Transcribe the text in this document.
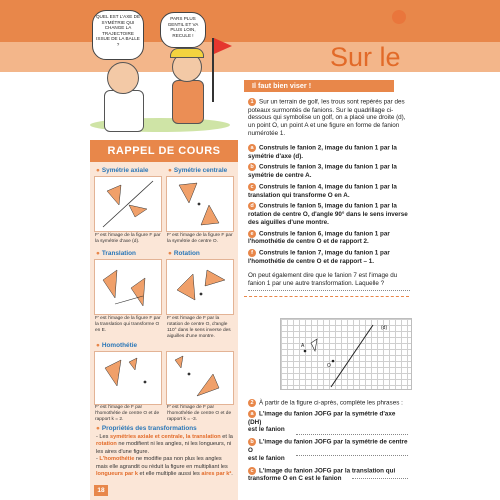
QUEL EST L'AXE DE SYMÉTRIE QUI CHANGE LA TRAJECTOIRE ISSUE DE LA BALLE ?
PARS PLUS GENTIL ET VA PLUS LOIN, RECULE !
RAPPEL DE COURS
● Symétrie axiale
F' est l'image de la figure F par la symétrie d'axe (d).
● Symétrie centrale
F' est l'image de la figure F par la symétrie de centre O.
● Translation
F' est l'image de la figure F par la translation qui transforme O en E.
● Rotation
F' est l'image de F par la rotation de centre O, d'angle 110° dans le sens inverse des aiguilles d'une montre.
● Homothétie
F' est l'image de F par l'homothétie de centre O et de rapport k = 2.
F' est l'image de F par l'homothétie de centre O et de rapport k = -3.
● Propriétés des transformations
- Les symétries axiale et centrale, la translation et la rotation ne modifient ni les angles, ni les longueurs, ni les aires d'une figure.
- L'homothétie ne modifie pas non plus les angles mais elle agrandit ou réduit la figure en multipliant les longueurs par k et elle multiplie aussi les aires par k².
18
Sur le
Il faut bien viser !
1 Sur un terrain de golf, les trous sont repérés par des poteaux surmontés de fanions. Sur le quadrillage ci-dessous qui symbolise un golf, on a placé une droite (d), un point O, un point A et une figure en forme de fanion numérotée 1.
a Construis le fanion 2, image du fanion 1 par la symétrie d'axe (d).
b Construis le fanion 3, image du fanion 1 par la symétrie de centre A.
c Construis le fanion 4, image du fanion 1 par la translation qui transforme O en A.
d Construis le fanion 5, image du fanion 1 par la rotation de centre O, d'angle 90° dans le sens inverse des aiguilles d'une montre.
e Construis le fanion 6, image du fanion 1 par l'homothétie de centre O et de rapport 2.
f Construis le fanion 7, image du fanion 1 par l'homothétie de centre O et de rapport – 1.
On peut également dire que le fanion 7 est l'image du fanion 1 par une autre transformation. Laquelle ?
(d)
A
O
2 À partir de la figure ci-après, complète les phrases :
a L'image du fanion JOFG par la symétrie d'axe (DH)
est le fanion
b L'image du fanion JOFG par la symétrie de centre O
est le fanion
c L'image du fanion JOFG par la translation qui
transforme O en C est le fanion
